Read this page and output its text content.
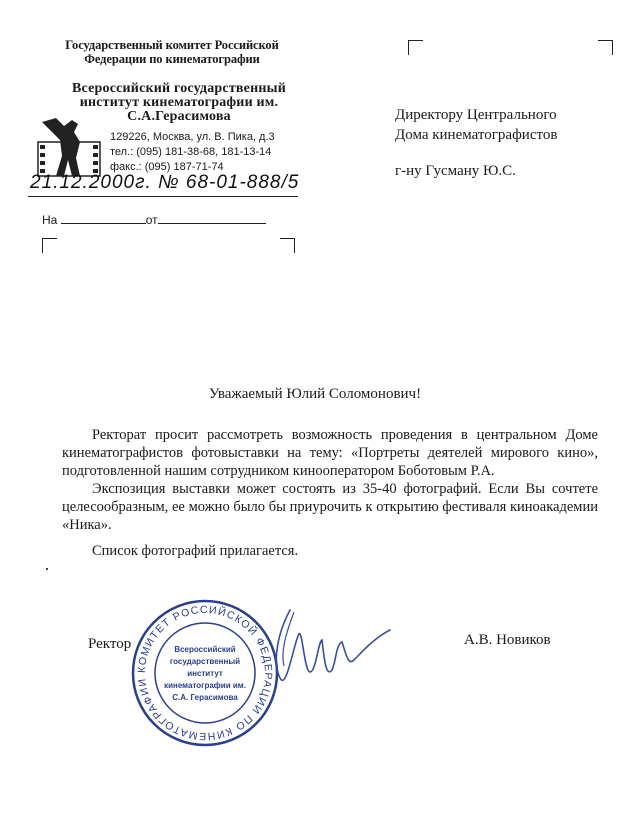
Государственный комитет Российской Федерации по кинематографии
Всероссийский государственный институт кинематографии им. С.А.Герасимова
129226, Москва, ул. В. Пика, д.3
тел.: (095) 181-38-68, 181-13-14
факс.: (095) 187-71-74
21.12.2000г. № 68-01-888/5
На	от
Директору Центрального
Дома кинематографистов
г-ну Гусману Ю.С.
Уважаемый Юлий Соломонович!

Ректорат просит рассмотреть возможность проведения в центральном Доме кинематографистов фотовыставки на тему: «Портреты деятелей мирового кино», подготовленной нашим сотрудником кинооператором Боботовым Р.А.

Экспозиция выставки может состоять из 35-40 фотографий. Если Вы сочтете целесообразным, ее можно было бы приурочить к открытию фестиваля киноакадемии «Ника».

Список фотографий прилагается.

Ректор	А.В. Новиков
КОМИТЕТ РОССИЙСКОЙ ФЕДЕРАЦИИ ПО КИНЕМАТОГРАФИИ
Всероссийский
государственный
институт
кинематографии им.
С.А. Герасимова
